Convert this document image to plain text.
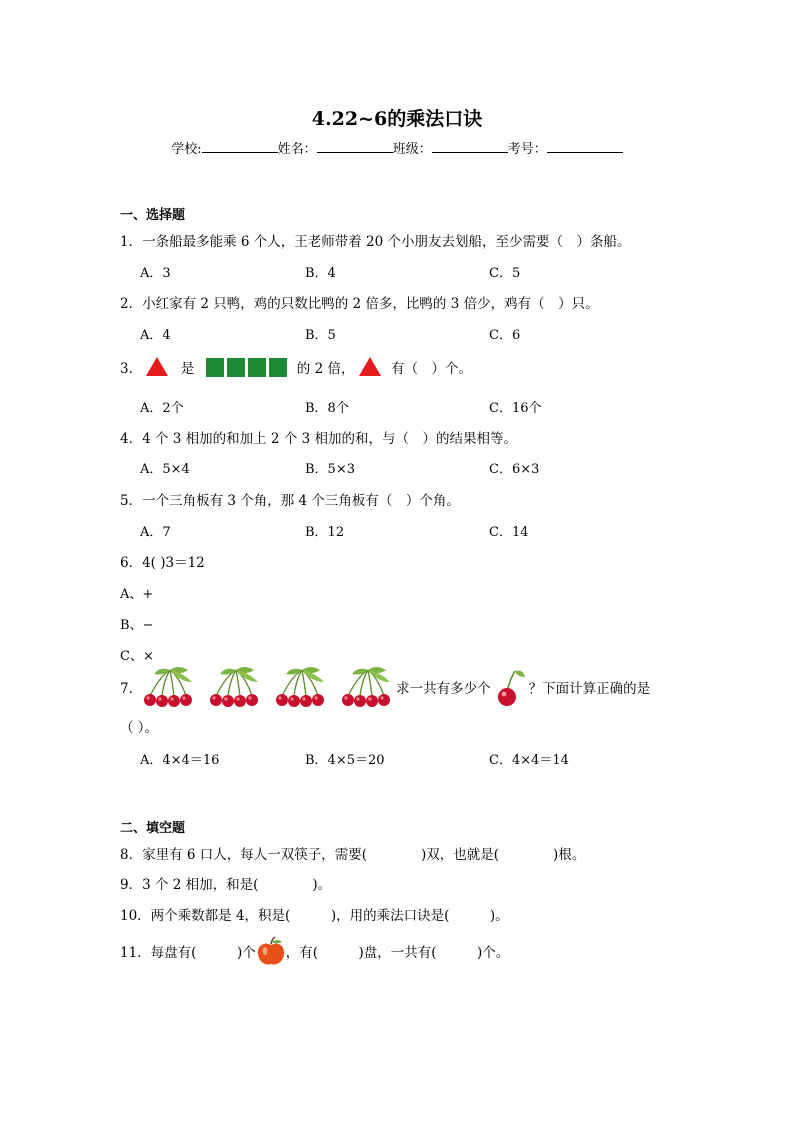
4.22~6的乘法口诀
学校:	姓名：	班级：	考号：
一、选择题
1．一条船最多能乘 6 个人，王老师带着 20 个小朋友去划船，至少需要（　）条船。
A．3	B．4	C．5
2．小红家有 2 只鸭，鸡的只数比鸭的 2 倍多，比鸭的 3 倍少，鸡有（　）只。
A．4	B．5	C．6
3．	是	的 2 倍，	有（　）个。
A．2个	B．8个	C．16个
4．4 个 3 相加的和加上 2 个 3 相加的和，与（　）的结果相等。
A．5×4	B．5×3	C．6×3
5．一个三角板有 3 个角，那 4 个三角板有（　）个角。
A．7	B．12	C．14
6．4( )3＝12
A、+
B、−
C、×
7．	求一共有多少个	？下面计算正确的是
（ ）。
A．4×4＝16	B．4×5＝20	C．4×4＝14
二、填空题
8．家里有 6 口人，每人一双筷子，需要(　　　　)双，也就是(　　　　)根。
9．3 个 2 相加，和是(　　　　)。
10．两个乘数都是 4，积是(　　　)，用的乘法口诀是(　　　)。
11．每盘有(　　　)个 ，有(　　　)盘，一共有(　　　)个。
